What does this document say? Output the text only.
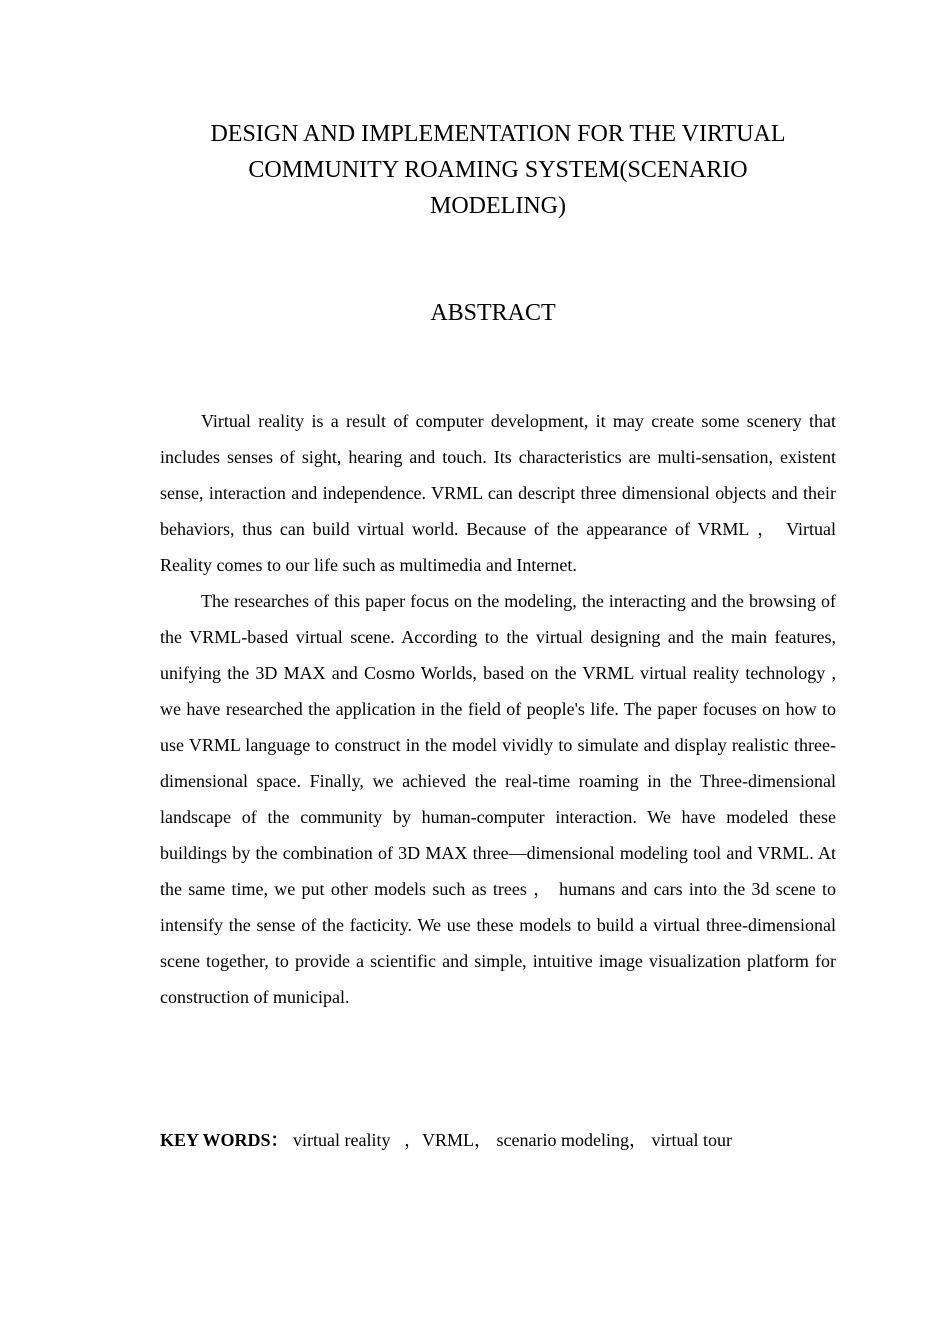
DESIGN AND IMPLEMENTATION FOR THE VIRTUAL
COMMUNITY ROAMING SYSTEM(SCENARIO
MODELING)
ABSTRACT

Virtual reality is a result of computer development, it may create some scenery that includes senses of sight, hearing and touch. Its characteristics are multi-sensation, existent sense, interaction and independence. VRML can descript three dimensional objects and their behaviors, thus can build virtual world. Because of the appearance of VRML ， Virtual Reality comes to our life such as multimedia and Internet.

The researches of this paper focus on the modeling, the interacting and the browsing of the VRML-based virtual scene. According to the virtual designing and the main features, unifying the 3D MAX and Cosmo Worlds, based on the VRML virtual reality technology , we have researched the application in the field of people's life. The paper focuses on how to use VRML language to construct in the model vividly to simulate and display realistic three-dimensional space. Finally, we achieved the real-time roaming in the Three-dimensional landscape of the community by human-computer interaction. We have modeled these buildings by the combination of 3D MAX three—dimensional modeling tool and VRML. At the same time, we put other models such as trees ， humans and cars into the 3d scene to intensify the sense of the facticity. We use these models to build a virtual three-dimensional scene together, to provide a scientific and simple, intuitive image visualization platform for construction of municipal.

KEY WORDS： virtual reality   ，VRML， scenario modeling， virtual tour
